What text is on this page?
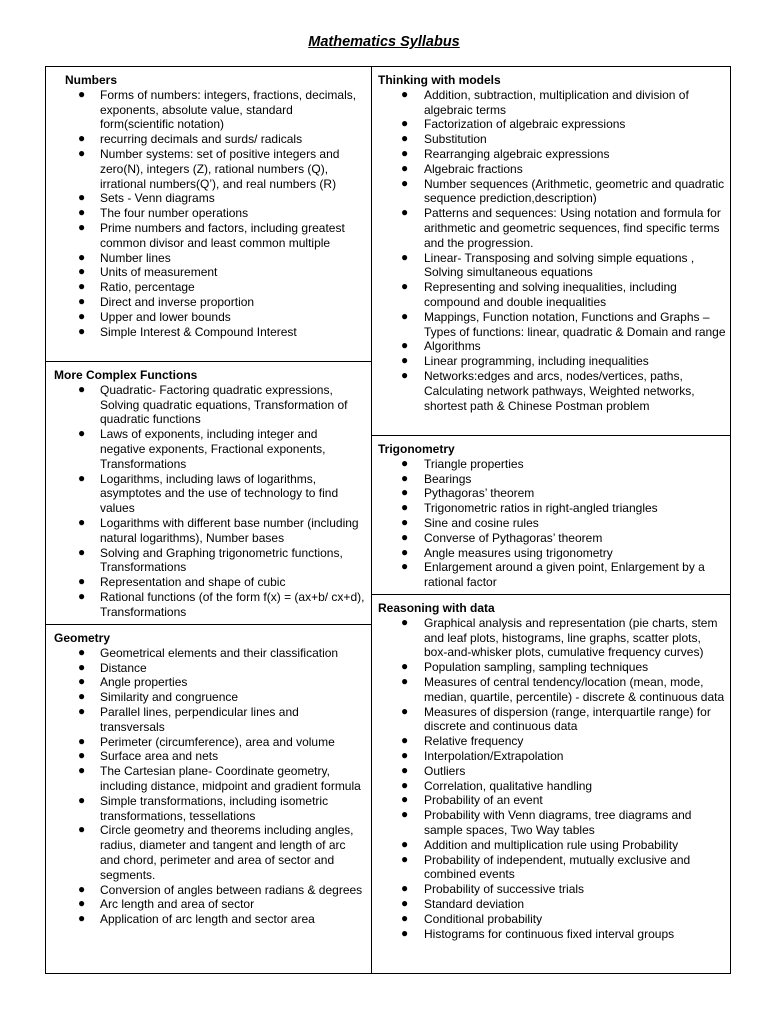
Mathematics Syllabus
Numbers
● Forms of numbers: integers, fractions, decimals, exponents, absolute value, standard form(scientific notation)
● recurring decimals and surds/ radicals
● Number systems: set of positive integers and zero(N), integers (Z), rational numbers (Q), irrational numbers(Q’), and real numbers (R)
● Sets - Venn diagrams
● The four number operations
● Prime numbers and factors, including greatest common divisor and least common multiple
● Number lines
● Units of measurement
● Ratio, percentage
● Direct and inverse proportion
● Upper and lower bounds
● Simple Interest & Compound Interest
More Complex Functions
● Quadratic- Factoring quadratic expressions, Solving quadratic equations, Transformation of quadratic functions
● Laws of exponents, including integer and negative exponents, Fractional exponents, Transformations
● Logarithms, including laws of logarithms, asymptotes and the use of technology to find values
● Logarithms with different base number (including natural logarithms), Number bases
● Solving and Graphing trigonometric functions, Transformations
● Representation and shape of cubic
● Rational functions (of the form f(x) = (ax+b/ cx+d), Transformations
Geometry
● Geometrical elements and their classification
● Distance
● Angle properties
● Similarity and congruence
● Parallel lines, perpendicular lines and transversals
● Perimeter (circumference), area and volume
● Surface area and nets
● The Cartesian plane- Coordinate geometry, including distance, midpoint and gradient formula
● Simple transformations, including isometric transformations, tessellations
● Circle geometry and theorems including angles, radius, diameter and tangent and length of arc and chord, perimeter and area of sector and segments.
● Conversion of angles between radians & degrees
● Arc length and area of sector
● Application of arc length and sector area
Thinking with models
● Addition, subtraction, multiplication and division of algebraic terms
● Factorization of algebraic expressions
● Substitution
● Rearranging algebraic expressions
● Algebraic fractions
● Number sequences (Arithmetic, geometric and quadratic sequence prediction,description)
● Patterns and sequences: Using notation and formula for arithmetic and geometric sequences, find specific terms and the progression.
● Linear- Transposing and solving simple equations , Solving simultaneous equations
● Representing and solving inequalities, including compound and double inequalities
● Mappings, Function notation, Functions and Graphs – Types of functions: linear, quadratic & Domain and range
● Algorithms
● Linear programming, including inequalities
● Networks:edges and arcs, nodes/vertices, paths, Calculating network pathways, Weighted networks, shortest path & Chinese Postman problem
Trigonometry
● Triangle properties
● Bearings
● Pythagoras’ theorem
● Trigonometric ratios in right-angled triangles
● Sine and cosine rules
● Converse of Pythagoras’ theorem
● Angle measures using trigonometry
● Enlargement around a given point, Enlargement by a rational factor
Reasoning with data
● Graphical analysis and representation (pie charts, stem and leaf plots, histograms, line graphs, scatter plots, box-and-whisker plots, cumulative frequency curves)
● Population sampling, sampling techniques
● Measures of central tendency/location (mean, mode, median, quartile, percentile) - discrete & continuous data
● Measures of dispersion (range, interquartile range) for discrete and continuous data
● Relative frequency
● Interpolation/Extrapolation
● Outliers
● Correlation, qualitative handling
● Probability of an event
● Probability with Venn diagrams, tree diagrams and sample spaces, Two Way tables
● Addition and multiplication rule using Probability
● Probability of independent, mutually exclusive and combined events
● Probability of successive trials
● Standard deviation
● Conditional probability
● Histograms for continuous fixed interval groups
